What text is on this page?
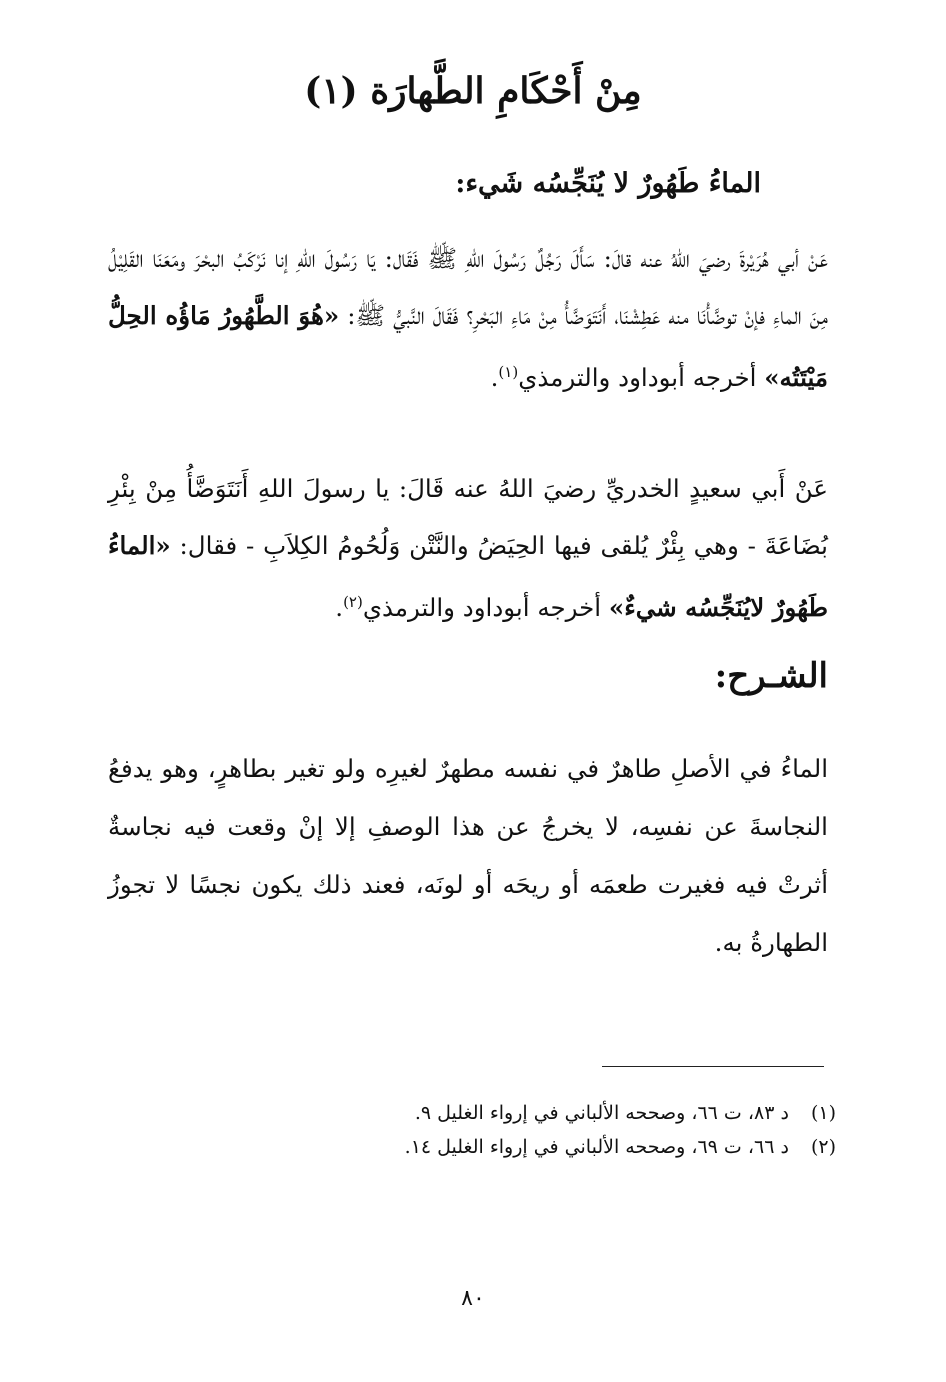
مِنْ أَحْكَامِ الطَّهارَة (١)
الماءُ طَهُورٌ لا يُنَجِّسُه شَيء:

عَنْ أبي هُرَيْرةَ رضيَ اللهُ عنه قالَ: سَأَلَ رَجُلٌ رَسُولَ اللهِ ﷺ فَقَال: يَا رَسُولَ اللهِ إنا نَرْكَبُ البحْرَ ومَعَنَا القَلِيْلُ مِنَ الماءِ فإنْ توضَّأْنَا منه عَطِشْنَا، أَنَتَوَضَّأُ مِنْ مَاءِ البَحْرِ؟ فَقَالَ النَّبيُّ ﷺ: «هُوَ الطَّهُورُ مَاؤُه الحِلُّ مَيْتَتُه» أخرجه أبوداود والترمذي$^{(١)}$.

عَنْ أَبي سعيدٍ الخدريِّ رضيَ اللهُ عنه قَالَ: يا رسولَ اللهِ أَنَتَوَضَّأُ مِنْ بِئْرِ بُضَاعَةَ - وهي بِئْرٌ يُلقى فيها الحِيَضُ والنَّتْن وَلُحُومُ الكِلاَبِ - فقال: «الماءُ طَهُورٌ لايُنَجِّسُه شيءٌ» أخرجه أبوداود والترمذي$^{(٢)}$.

الشـرح:

الماءُ في الأصلِ طاهرٌ في نفسه مطهرٌ لغيرِه ولو تغير بطاهرٍ، وهو يدفعُ النجاسةَ عن نفسِه، لا يخرجُ عن هذا الوصفِ إلا إنْ وقعت فيه نجاسةٌ أثرتْ فيه فغيرت طعمَه أو ريحَه أو لونَه، فعند ذلك يكون نجسًا لا تجوزُ الطهارةُ به.

(١)
د ٨٣، ت ٦٦، وصححه الألباني في إرواء الغليل ٩.
(٢)
د ٦٦، ت ٦٩، وصححه الألباني في إرواء الغليل ١٤.
٨٠
